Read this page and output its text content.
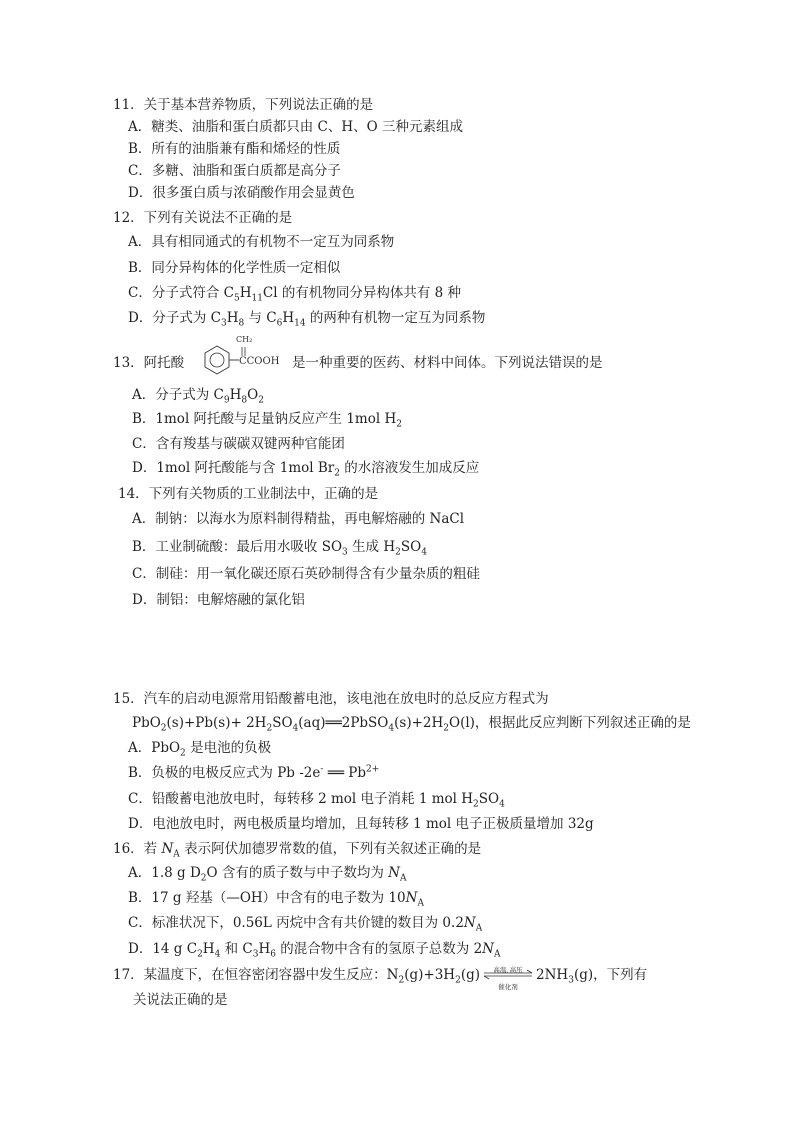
11．关于基本营养物质，下列说法正确的是
A．糖类、油脂和蛋白质都只由 C、H、O 三种元素组成
B．所有的油脂兼有酯和烯烃的性质
C．多糖、油脂和蛋白质都是高分子
D．很多蛋白质与浓硝酸作用会显黄色
12．下列有关说法不正确的是
A．具有相同通式的有机物不一定互为同系物
B．同分异构体的化学性质一定相似
C．分子式符合 $C_5H_{11}Cl$ 的有机物同分异构体共有 8 种
D．分子式为 $C_3H_8$ 与 $C_6H_{14}$ 的两种有机物一定互为同系物
13．阿托酸
CH₂
CCOOH 是一种重要的医药、材料中间体。下列说法错误的是
A．分子式为 $C_9H_8O_2$
B．1mol 阿托酸与足量钠反应产生 1mol $H_2$
C．含有羧基与碳碳双键两种官能团
D．1mol 阿托酸能与含 1mol $Br_2$ 的水溶液发生加成反应
14．下列有关物质的工业制法中，正确的是
A．制钠：以海水为原料制得精盐，再电解熔融的 NaCl
B．工业制硫酸：最后用水吸收 $SO_3$ 生成 $H_2SO_4$
C．制硅：用一氧化碳还原石英砂制得含有少量杂质的粗硅
D．制铝：电解熔融的氯化铝
15．汽车的启动电源常用铅酸蓄电池，该电池在放电时的总反应方程式为
$PbO_2(s)+Pb(s)+ 2H_2SO_4(aq)══2PbSO_4(s)+2H_2O(l)$，根据此反应判断下列叙述正确的是
A．PbO$_2$ 是电池的负极
B．负极的电极反应式为 Pb -2e- ══ $Pb^{2+}$
C．铅酸蓄电池放电时，每转移 2 mol 电子消耗 1 mol $H_2SO_4$
D．电池放电时，两电极质量均增加，且每转移 1 mol 电子正极质量增加 32g
16．若 $N_A$ 表示阿伏加德罗常数的值，下列有关叙述正确的是
A．1.8 g $D_2O$ 含有的质子数与中子数均为 $N_A$
B．17 g 羟基（—OH）中含有的电子数为 $10N_A$
C．标准状况下，0.56L 丙烷中含有共价键的数目为 $0.2N_A$
D．14 g $C_2H_4$ 和 $C_3H_6$ 的混合物中含有的氢原子总数为 $2N_A$
17．某温度下，在恒容密闭容器中发生反应：$N_2(g)+3H_2(g)$	高温､高压
催化剂
$2NH_3(g)$，下列有
关说法正确的是
